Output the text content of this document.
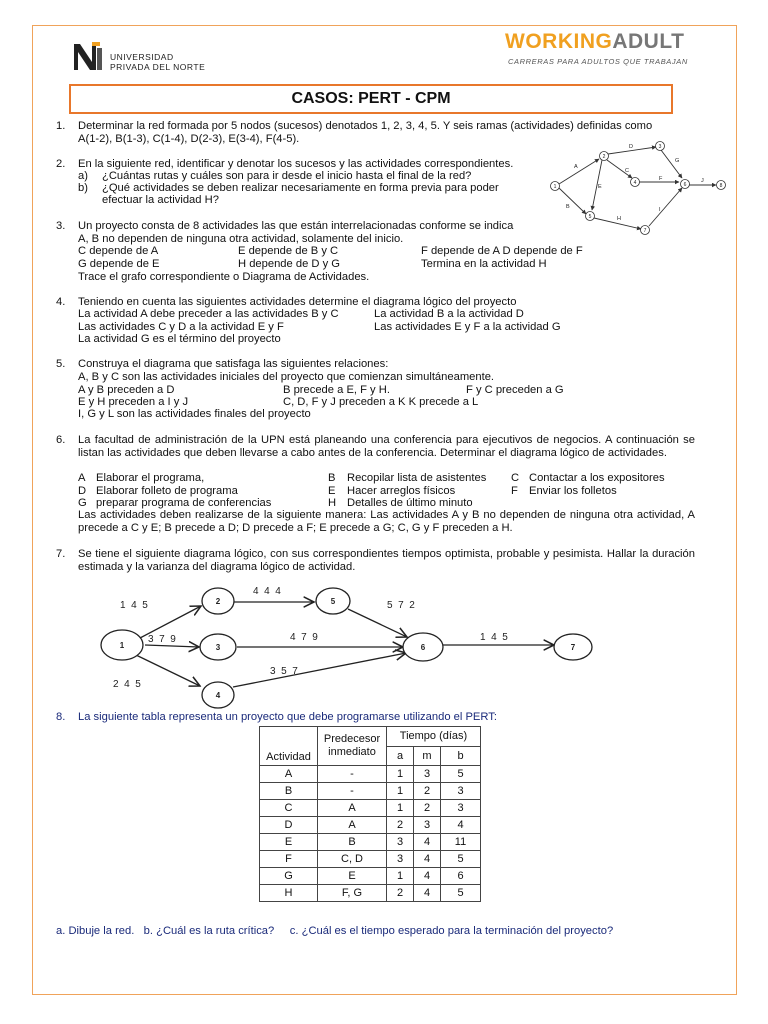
UNIVERSIDAD
PRIVADA DEL NORTE
WORKINGADULT
CARRERAS PARA ADULTOS QUE TRABAJAN
CASOS: PERT - CPM
1. Determinar la red formada por 5 nodos (sucesos) denotados 1, 2, 3, 4, 5. Y seis ramas (actividades) definidas como
A(1-2), B(1-3), C(1-4), D(2-3), E(3-4), F(4-5).
2. En la siguiente red, identificar y denotar los sucesos y las actividades correspondientes.
a) ¿Cuántas rutas y cuáles son para ir desde el inicio hasta el final de la red?
b) ¿Qué actividades se deben realizar necesariamente en forma previa para poder
efectuar la actividad H?
1
2
3
4
5
6
7
8
A
B
C
D
E
F
G
H
I
J
3. Un proyecto consta de 8 actividades las que están interrelacionadas conforme se indica
A, B no dependen de ninguna otra actividad, solamente del inicio.
C depende de A	E depende de B y C	F depende de A D depende de F
G depende de E	H depende de D y G	Termina en la actividad H
Trace el grafo correspondiente o Diagrama de Actividades.
4. Teniendo en cuenta las siguientes actividades determine el diagrama lógico del proyecto
La actividad A debe preceder a las actividades B y C	La actividad B a la actividad D
Las actividades C y D a la actividad E y F	Las actividades E y F a la actividad G
La actividad G es el término del proyecto
5. Construya el diagrama que satisfaga las siguientes relaciones:
A, B y C son las actividades iniciales del proyecto que comienzan simultáneamente.
A y B preceden a D	B precede a E, F y H.	F y C preceden a G
E y H preceden a I y J	C, D, F y J preceden a K K precede a L
I, G y L son las actividades finales del proyecto
6. La facultad de administración de la UPN está planeando una conferencia para ejecutivos de negocios. A continuación se listan las actividades que deben llevarse a cabo antes de la conferencia. Determinar el diagrama lógico de actividades.
A Elaborar el programa,	B Recopilar lista de asistentes C Contactar a los expositores
D Elaborar folleto de programa	E Hacer arreglos físicos	F Enviar los folletos
G preparar programa de conferencias	H Detalles de último minuto
Las actividades deben realizarse de la siguiente manera: Las actividades A y B no dependen de ninguna otra actividad, A precede a C y E; B precede a D; D precede a F; E precede a G; C, G y F preceden a H.
7. Se tiene el siguiente diagrama lógico, con sus correspondientes tiempos optimista, probable y pesimista. Hallar la duración estimada y la varianza del diagrama lógico de actividad.
1
2
3
4
5
6	7
1  4  5
4  4  4
5  7  2
3  7  9	4  7  9	1  4  5
2  4  5
3  5  7
8. La siguiente tabla representa un proyecto que debe programarse utilizando el PERT:
Actividad	Predecesor inmediato	Tiempo (días)		
		a	m	b
A	-	1	3	5
B	-	1	2	3
C	A	1	2	3
D	A	2	3	4
E	B	3	4	11
F	C, D	3	4	5
G	E	1	4	6
H	F, G	2	4	5
a. Dibuje la red.   b. ¿Cuál es la ruta crítica?     c. ¿Cuál es el tiempo esperado para la terminación del proyecto?
